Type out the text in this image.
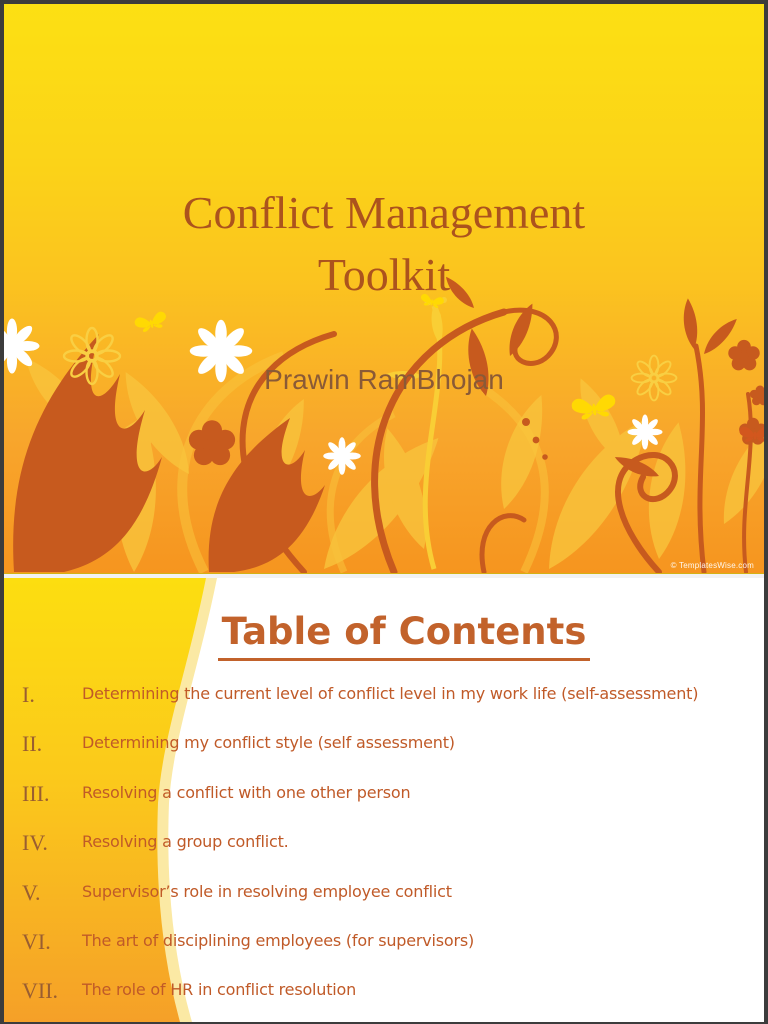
Conflict Management
Toolkit
Prawin RamBhojan
© TemplatesWise.com
Table of Contents
I.	Determining the current level of conflict level in my work life (self-assessment)
II.	Determining my conflict style (self assessment)
III.	Resolving a conflict with one other person
IV.	Resolving a group conflict.
V.	Supervisor’s role in resolving employee conflict
VI.	The art of disciplining employees (for supervisors)
VII.	The role of HR in conflict resolution
